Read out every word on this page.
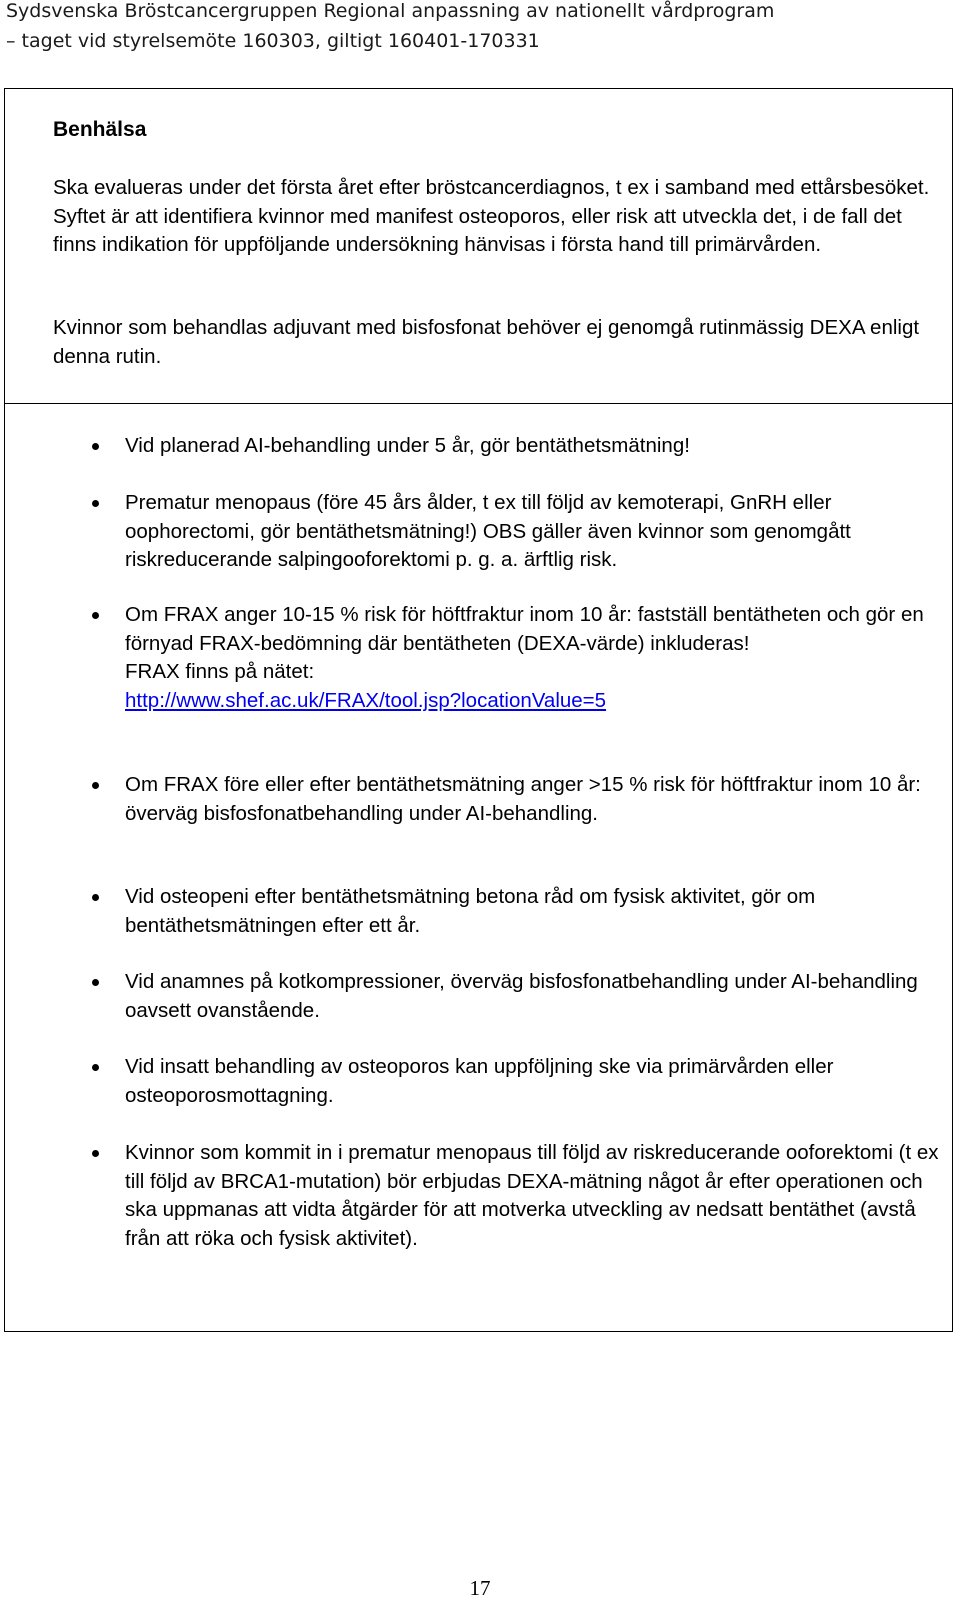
Sydsvenska Bröstcancergruppen Regional anpassning av nationellt vårdprogram
– taget vid styrelsemöte 160303, giltigt 160401-170331
Benhälsa

Ska evalueras under det första året efter bröstcancerdiagnos, t ex i samband med ettårsbesöket. Syftet är att identifiera kvinnor med manifest osteoporos, eller risk att utveckla det, i de fall det finns indikation för uppföljande undersökning hänvisas i första hand till primärvården.

Kvinnor som behandlas adjuvant med bisfosfonat behöver ej genomgå rutinmässig DEXA enligt denna rutin.

Vid planerad AI-behandling under 5 år, gör bentäthetsmätning!
Prematur menopaus (före 45 års ålder, t ex till följd av kemoterapi, GnRH eller oophorectomi, gör bentäthetsmätning!) OBS gäller även kvinnor som genomgått riskreducerande salpingooforektomi p. g. a. ärftlig risk.
Om FRAX anger 10-15 % risk för höftfraktur inom 10 år: fastställ bentätheten och gör en förnyad FRAX-bedömning där bentätheten (DEXA-värde) inkluderas!
FRAX finns på nätet:
http://www.shef.ac.uk/FRAX/tool.jsp?locationValue=5
Om FRAX före eller efter bentäthetsmätning anger >15 % risk för höftfraktur inom 10 år: överväg bisfosfonatbehandling under AI-behandling.
Vid osteopeni efter bentäthetsmätning betona råd om fysisk aktivitet, gör om bentäthetsmätningen efter ett år.
Vid anamnes på kotkompressioner, överväg bisfosfonatbehandling under AI-behandling oavsett ovanstående.
Vid insatt behandling av osteoporos kan uppföljning ske via primärvården eller osteoporosmottagning.
Kvinnor som kommit in i prematur menopaus till följd av riskreducerande ooforektomi (t ex till följd av BRCA1-mutation) bör erbjudas DEXA-mätning något år efter operationen och ska uppmanas att vidta åtgärder för att motverka utveckling av nedsatt bentäthet (avstå från att röka och fysisk aktivitet).
17
